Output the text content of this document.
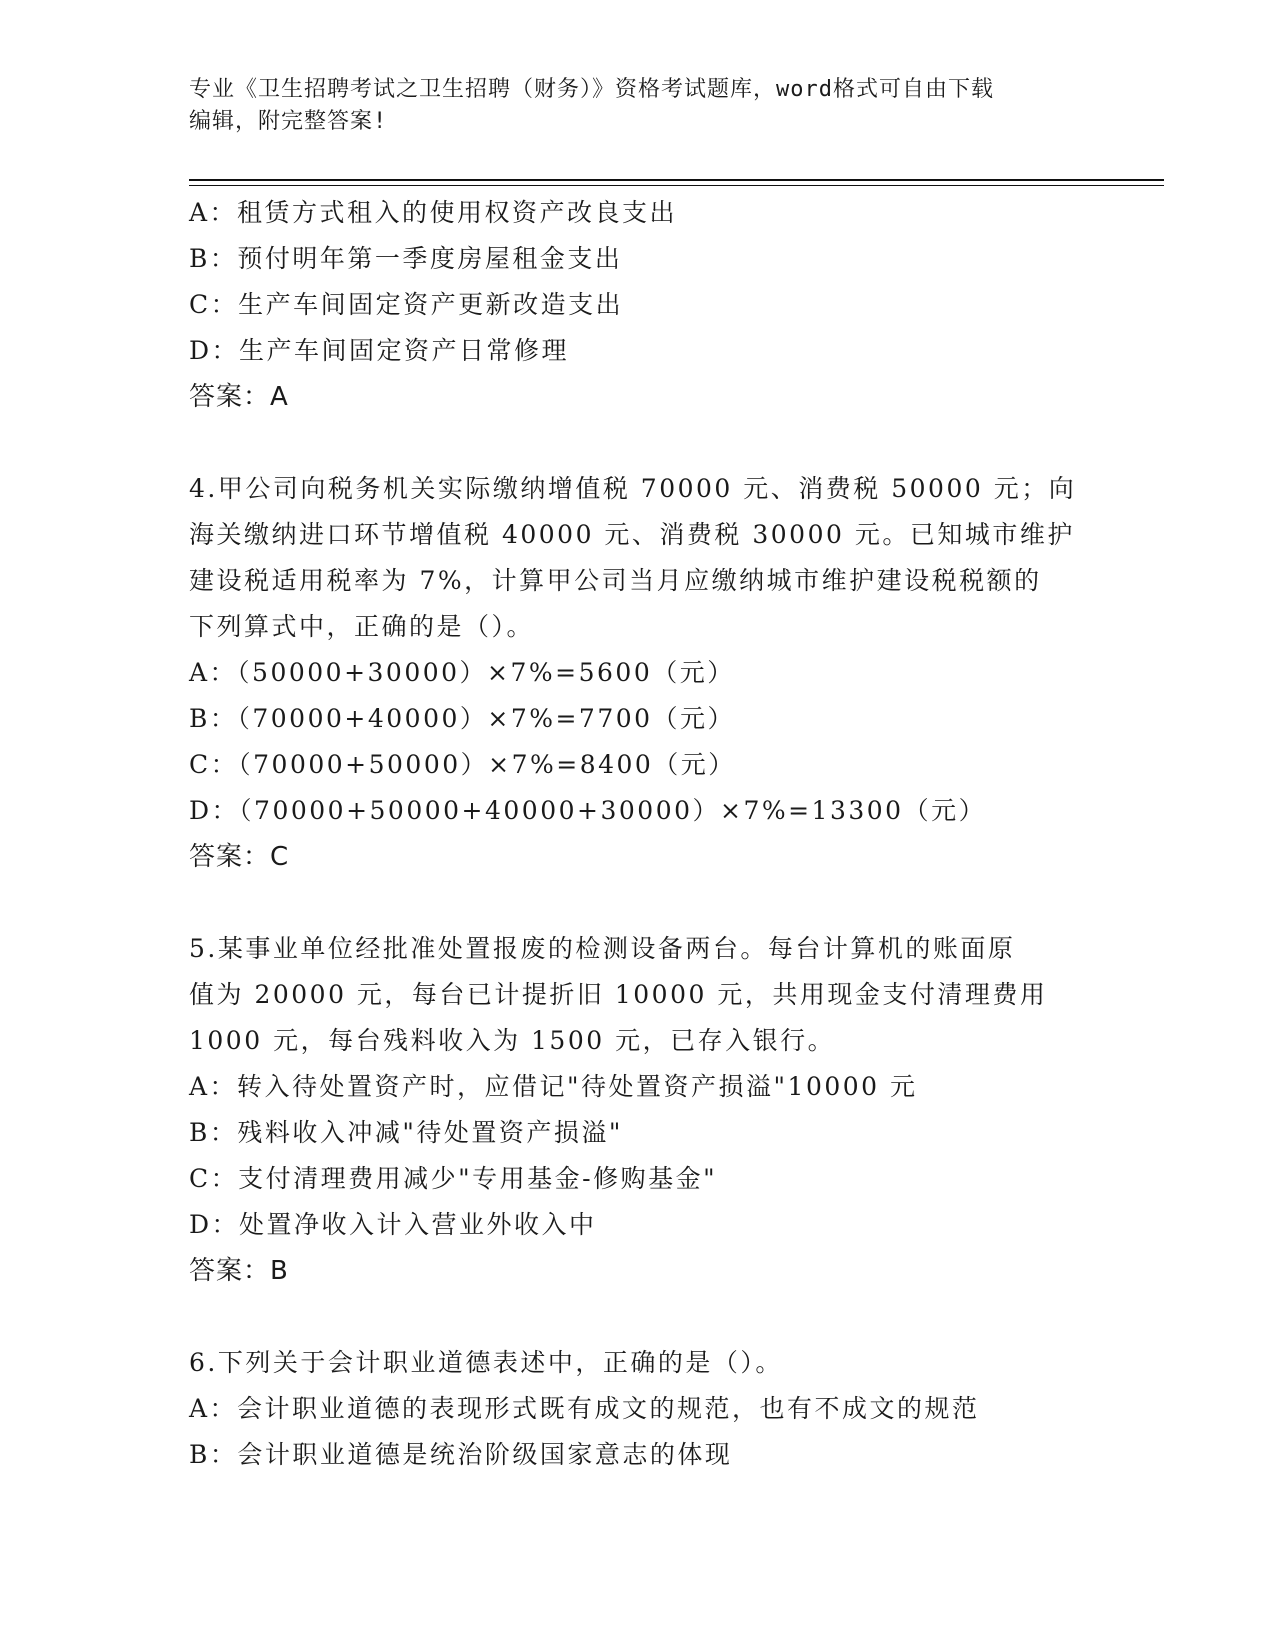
专业《卫生招聘考试之卫生招聘（财务）》资格考试题库，word格式可自由下载
编辑，附完整答案!
A：租赁方式租入的使用权资产改良支出
B：预付明年第一季度房屋租金支出
C：生产车间固定资产更新改造支出
D：生产车间固定资产日常修理
答案：A
4.甲公司向税务机关实际缴纳增值税 70000 元、消费税 50000 元；向
海关缴纳进口环节增值税 40000 元、消费税 30000 元。已知城市维护
建设税适用税率为 7%，计算甲公司当月应缴纳城市维护建设税税额的
下列算式中，正确的是（）。
A：（50000+30000）×7%=5600（元）
B：（70000+40000）×7%=7700（元）
C：（70000+50000）×7%=8400（元）
D：（70000+50000+40000+30000）×7%=13300（元）
答案：C
5.某事业单位经批准处置报废的检测设备两台。每台计算机的账面原
值为 20000 元，每台已计提折旧 10000 元，共用现金支付清理费用
1000 元，每台残料收入为 1500 元，已存入银行。
A：转入待处置资产时，应借记"待处置资产损溢"10000 元
B：残料收入冲减"待处置资产损溢"
C：支付清理费用减少"专用基金-修购基金"
D：处置净收入计入营业外收入中
答案：B
6.下列关于会计职业道德表述中，正确的是（）。
A：会计职业道德的表现形式既有成文的规范，也有不成文的规范
B：会计职业道德是统治阶级国家意志的体现
